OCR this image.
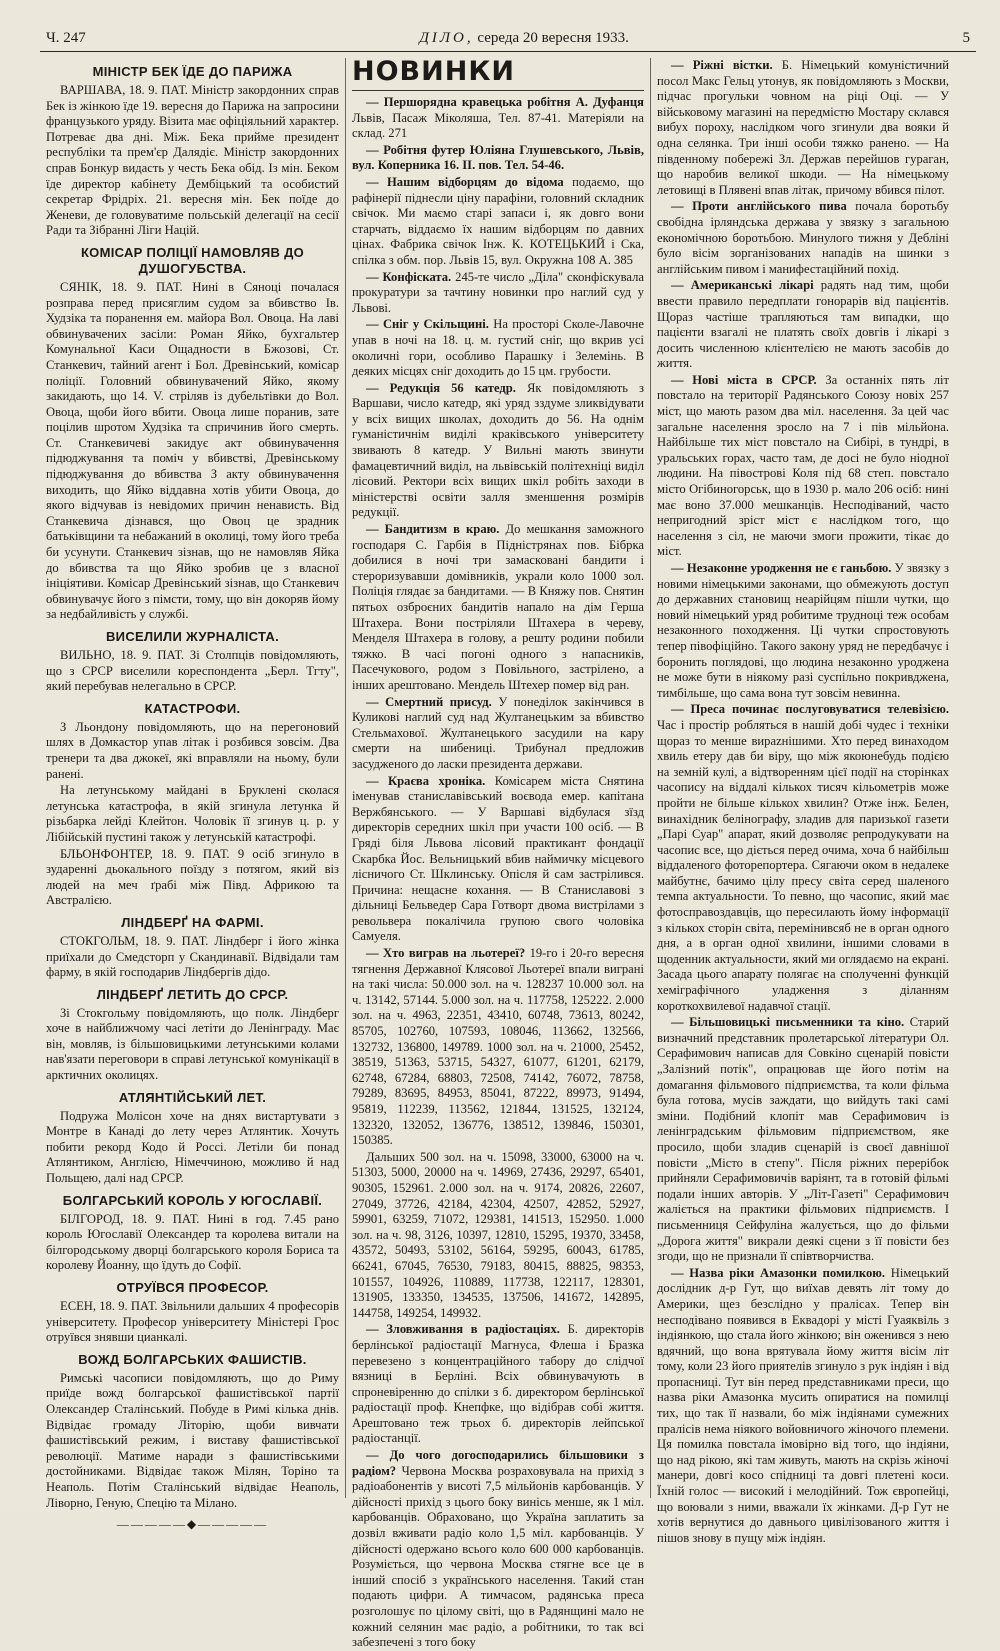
Ч. 247	ДІЛО, середа 20 вересня 1933.	5
МІНІСТР БЕК ЇДЕ ДО ПАРИЖА

ВАРШАВА, 18. 9. ПАТ. Міністр закордонних справ Бек із жінкою їде 19. вересня до Парижа на запросини французького уряду. Візита має офіціяльний характер. Потреває два дні. Між. Бека прийме президент республіки та прем'єр Далядіє. Міністр закордонних справ Бонкур видасть у честь Бека обід. Із мін. Беком їде директор кабінету Дембіцький та особистий секретар Фрідріх. 21. вересня мін. Бек поїде до Женеви, де головуватиме польській делегації на сесії Ради та Зібранні Ліги Націй.

КОМІСАР ПОЛІЦІЇ НАМОВЛЯВ ДО ДУШОГУБСТВА.

СЯНІК, 18. 9. ПАТ. Нині в Сяноці почалася розправа перед присяглим судом за вбивство Ів. Худзіка та поранення ем. майора Вол. Овоцa. На лаві обвинувачених засіли: Роман Яйко, бухгальтер Комунальної Каси Ощадности в Бжозові, Ст. Станкевич, тайний агент і Бол. Древінський, комісар поліції. Головний обвинувачений Яйко, якому закидають, що 14. V. стріляв із дубельтівки до Вол. Овоца, щоби його вбити. Овоца лише поранив, зате поцілив шротом Худзіка та спричинив його смерть. Ст. Станкевичеві закидує акт обвинувачення підюджування та поміч у вбивстві, Древінському підюджування до вбивства З акту обвинувачення виходить, що Яйко віддавна хотів убити Овоца, до якого відчував із невідомих причин ненависть. Від Станкевича дізнався, що Овоц це зрадник батьківщини та небажаний в околиці, тому його треба би усунути. Станкевич зізнав, що не намовляв Яйка до вбивства та що Яйко зробив це з власної ініціятиви. Комісар Древінський зізнав, що Станкевич обвинувачує його з пімсти, тому, що він докоряв йому за недбайливість у службі.

ВИСЕЛИЛИ ЖУРНАЛІСТА.

ВИЛЬНО, 18. 9. ПАТ. Зі Столпців повідомляють, що з СРСР виселили кореспондента „Берл. Тгту", який перебував нелегально в СРСР.

КАТАСТРОФИ.

З Льондону повідомляють, що на перегоновий шлях в Домкастор упав літак і розбився зовсім. Два тренери та два джокеї, які вправляли на ньому, були ранені.

На летунському майдані в Бруклені сколася летунська катастрофа, в якій згинула летунка й різьбарка лейді Клейтон. Чоловік її згинув ц. р. у Лібійській пустині також у летунській катастрофі.

БЛЬОНФОНТЕР, 18. 9. ПАТ. 9 осіб згинуло в зударенні дьокального поїзду з потягом, який віз людей на меч ґрабі між Півд. Африкою та Австралією.

ЛІНДБЕРҐ НА ФАРМІ.

СТОКГОЛЬМ, 18. 9. ПАТ. Ліндберг і його жінка приїхали до Смедсторп у Скандинавії. Відвідали там фарму, в якій господарив Ліндбергів дідо.

ЛІНДБЕРҐ ЛЕТИТЬ ДО СРСР.

Зі Стокгольму повідомляють, що полк. Ліндберг хоче в найближчому часі летіти до Ленінграду. Має він, мовляв, із більшовицькими летунськими колами нав'язати переговори в справі летунської комунікації в арктичних околицях.

АТЛЯНТІЙСЬКИЙ ЛЕТ.

Подружа Молісон хоче на днях вистартувати з Монтре в Канаді до лету через Атлянтик. Хочуть побити рекорд Кодо й Россі. Летіли би понад Атлянтиком, Англією, Німеччиною, можливо й над Польщею, далі над СРСР.

БОЛГАРСЬКИЙ КОРОЛЬ У ЮГОСЛАВІЇ.

БІЛГОРОД, 18. 9. ПАТ. Нині в год. 7.45 рано король Югославії Олександер та королева витали на білгородському дворці болгарського короля Бориса та королеву Йоанну, що їдуть до Софії.

ОТРУЇВСЯ ПРОФЕСОР.

ЕСЕН, 18. 9. ПАТ. Звільнили дальших 4 професорів університету. Професор університету Міністері Грос отруївся знявши цианкалі.

ВОЖД БОЛГАРСЬКИХ ФАШИСТІВ.

Римські часописи повідомляють, що до Риму приїде вожд болгарської фашистівської партії Олександер Сталінський. Побуде в Римі кілька днів. Відвідає громаду Літорію, щоби вивчати фашистівський режим, і виставу фашистівської революції. Матиме наради з фашистівськими достойниками. Відвідає також Мілян, Торіно та Неаполь. Потім Сталінський відвідає Неаполь, Ліворно, Геную, Спецію та Мілано.

—————◆—————
НОВИНКИ

— Першорядна кравецька робітня А. Дуфанця Львів, Пасаж Міколяша, Тел. 87-41. Матеріяли на склад. 271

— Робітня футер Юліяна Глушевського, Львів, вул. Коперника 16. ІІ. пов. Тел. 54-46.

— Нашим відборцям до відома подаємо, що рафінерії піднесли ціну парафіни, головний складник свічок. Ми маємо старі запаси і, як довго вони старчать, віддаємо їх нашим відборцям по давних цінах. Фабрика свічок Інж. К. КОТЕЦЬКИЙ і Ска, спілка з обм. пор. Львів 15, вул. Окружна 108 А. 385

— Конфіската. 245-те число „Діла" сконфіскувала прокуратури за тачтину новинки про наглий суд у Львові.

— Сніг у Скільщині. На просторі Сколе-Лавочне упав в ночі на 18. ц. м. густий сніг, що вкрив усі околичні гори, особливо Парашку і Зелемінь. В деяких місцях сніг доходить до 15 цм. грубости.

— Редукція 56 катедр. Як повідомляють з Варшави, число катедр, які уряд зздуме зликвідувати у всіх вищих школах, доходить до 56. На однім гуманістичнім виділі краківського університету звивають 8 катедр. У Вильні мають звинути фамацевтичний виділ, на львівській політехніці виділ лісовий. Ректори всіх вищих шкіл робіть заходи в міністерстві освіти залля зменшення розмірів редукції.

— Бандитизм в краю. До мешкання заможного господаря С. Гарбія в Підністрянах пов. Бібрка добилися в ночі три замасковані бандити і стероризувавши домівників, украли коло 1000 зол. Поліція глядає за бандитами. — В Княжу пов. Снятин пятьох озброєних бандитів напало на дім Герша Штахера. Вони постріляли Штахера в череву, Менделя Штахера в голову, а решту родини побили тяжко. В часі погоні одного з напасників, Пасечукового, родом з Повільного, застрілено, а інших арештовано. Мендель Штехер помер від ран.

— Смертний присуд. У понеділок закінчився в Куликові наглий суд над Жултанецьким за вбивство Стельмахової. Жултанецького засудили на кару смерти на шибениці. Трибунал предложив засудженого до ласки президента держави.

— Краєва хроніка. Комісарем міста Снятина іменував станиславівський воєвода емер. капітана Вержбянського. — У Варшаві відбулася зїзд директорів середних шкіл при участи 100 осіб. — В Гряді біля Львова лісовий практикант фондації Скарбка Йос. Вельницький вбив наймичку місцевого лісничого Ст. Шклинську. Опісля й сам застрілився. Причина: нещасне кохання. — В Станиславові з дільниці Бельведер Сара Готворт двома вистрілами з револьвера покалічила групою свого чоловіка Самуеля.

— Хто виграв на льотереї? 19-го і 20-го вересня тягнення Державної Клясової Льотереї впали виграні на такі числа: 50.000 зол. на ч. 128237 10.000 зол. на ч. 13142, 57144. 5.000 зол. на ч. 117758, 125222. 2.000 зол. на ч. 4963, 22351, 43410, 60748, 73613, 80242, 85705, 102760, 107593, 108046, 113662, 132566, 132732, 136800, 149789. 1000 зол. на ч. 21000, 25452, 38519, 51363, 53715, 54327, 61077, 61201, 62179, 62748, 67284, 68803, 72508, 74142, 76072, 78758, 79289, 83695, 84953, 85041, 87222, 89973, 91494, 95819, 112239, 113562, 121844, 131525, 132124, 132320, 132052, 136776, 138512, 139846, 150301, 150385.

Дальших 500 зол. на ч. 15098, 33000, 63000 на ч. 51303, 5000, 20000 на ч. 14969, 27436, 29297, 65401, 90305, 152961. 2.000 зол. на ч. 9174, 20826, 22607, 27049, 37726, 42184, 42304, 42507, 42852, 52927, 59901, 63259, 71072, 129381, 141513, 152950. 1.000 зол. на ч. 98, 3126, 10397, 12810, 15295, 19370, 33458, 43572, 50493, 53102, 56164, 59295, 60043, 61785, 66241, 67045, 76530, 79183, 80415, 88825, 98353, 101557, 104926, 110889, 117738, 122117, 128301, 131905, 133350, 134535, 137506, 141672, 142895, 144758, 149254, 149932.

— Зловживання в радіостаціях. Б. директорів берлінської радіостації Магнуса, Флеша і Бразка перевезено з концентраційного табору до слідчої вязниці в Берліні. Всіх обвинувачують в спроневіренню до спілки з б. директором берлінської радіостації проф. Кнепфке, що відібрав собі життя. Арештовано теж трьох б. директорів лейпської радіостанції.

— До чого догосподарились більшовики з радіом? Червона Москва розраховувала на прихід з радіоабонентів у висоті 7,5 мільйонів карбованців. У дійсності прихід з цього боку винісь менше, як 1 міл. карбованців. Обраховано, що Україна заплатить за дозвіл вживати радіо коло 1,5 міл. карбованців. У дійсності одержано всього коло 600 000 карбованців. Розуміється, що червона Москва стягне все це в інший спосіб з українського населення. Такий стан подають цифри. А тимчасом, радянська преса розголошує по цілому світі, що в Радянщині мало не кожний селянин має радіо, а робітники, то так всі забезпечені з того боку

— Ріжні вістки. Б. Німецький комуністичний посол Макс Гельц утонув, як повідомляють з Москви, підчас прогульки човном на ріці Оці. — У військовому магазині на передмістю Мостару склався вибух пороху, наслідком чого згинули два вояки й одна селянка. Три інші особи тяжко ранено. — На південному побережі Зл. Держав перейшов гураган, що наробив великої шкоди. — На німецькому летовищі в Плявені впав літак, причому вбився пілот.

— Проти англійського пива почала боротьбу свобідна ірляндська держава у звязку з загальною економічною боротьбою. Минулого тижня у Дебліні було вісім зорганізованих нападів на шинки з англійським пивом і манифестаційний похід.

— Американські лікарі радять над тим, щоби ввести правило передплати гонорарів від пацієнтів. Щораз частіше трапляються там випадки, що пацієнти взагалі не платять своїх довгів і лікарі з досить численною клієнтелією не мають засобів до життя.

— Нові міста в СРСР. За останніх пять літ повстало на території Радянського Союзу новіх 257 міст, що мають разом два міл. населення. За цей час загальне населення зросло на 7 і пів мільйона. Найбільше тих міст повстало на Сибірі, в тундрі, в уральських горах, часто там, де досі не було ніодної людини. На півострові Коля під 68 степ. повстало місто Огібиногорськ, що в 1930 р. мало 206 осіб: нині має воно 37.000 мешканців. Несподіваний, часто непригодний зріст міст є наслідком того, що населення з сіл, не маючи змоги прожити, тікає до міст.

— Незаконне уродження не є ганьбою. У звязку з новими німецькими законами, що обмежують доступ до державних становищ неарійцям пішли чутки, що новий німецький уряд робитиме трудноці теж особам незаконного походження. Ці чутки спростовують тепер півофіційно. Такого закону уряд не передбачує і боронить поглядові, що людина незаконно уроджена не може бути в ніякому разі суспільно покривджена, тимбільше, що сама вона тут зовсім невинна.

— Преса починає послуговуватися телевізією. Час і простір робляться в нашій добі чудес і техніки щораз то менше вирazнішими. Хто перед винаходом хвиль етеру дав би віру, що між якоюнебудь подією на земній кулі, а відтворенням цієї події на сторінках часопису на віддалі кількох тисяч кільометрів може пройти не більше кількох хвилин? Отже інж. Белен, винахідник белінографу, злaдив для паризької газети „Парі Суар" апарат, який дозволяє репродукувати на часопис все, що діється перед очима, хоча б найбільш віддаленого фоторепортера. Сягаючи оком в недалеке майбутнє, бачимо цілу пресу світа серед шаленого темпа актуальности. То певно, що часопис, який має фотосправоздавців, що пересилають йому інформації з кількох сторін світа, перемінивсяб не в орган одного дня, а в орган одної хвилини, іншими словами в щоденник актуальности, який ми оглядаємо на екрані. Засада цього апарату полягає на сполученні функцій хеміграфічного уладження з діланням короткохвилевої надавчої стації.

— Більшовицькі письменники та кіно. Старий визначний представник пролетарської літератури Ол. Серафимович написав для Совкіно сценарій повісти „Залізний потік", опрацював ще його потім на домагання фільмового підприємства, та коли фільма була готова, мусів заждати, що вийдуть такі самі зміни. Подібний клопіт мав Серафимович із ленінградським фільмовим підприємством, яке просило, щоби зладив сценарій із своєї давнішої повісти „Місто в степу". Після ріжних перерібок прийняли Серафимовичів варіянт, та в готовій фільмі подали інших авторів. У „Літ-Газеті" Серафимович жаліється на практики фільмових підприємств. І письменниця Сейфуліна жалується, що до фільми „Дорога життя" викрали деякі сцени з її повісти без згоди, що не признали її співтворчиства.

— Назва ріки Амазонки помилкою. Німецький дослідник д-р Гут, що виїхав девять літ тому до Америки, щез безслідно у пралісах. Тепер він несподівано появився в Еквадорі у місті Гуаяквіль з індіянкою, що стала його жінкою; він оженився з нею вдячний, що вона врятувала йому життя вісім літ тому, коли 23 його приятелів згинуло з рук індіян і від пропасниці. Тут він перед представниками преси, що назва ріки Амазонка мусить опиратися на помилці тих, що так її назвали, бо між індіянами сумежних пралісів нема ніякого войовничого жіночого племени. Ця помилка повстала імовірно від того, що індіяни, що над рікою, які там живуть, мають на скрізь жіночі манери, довгі косо спідниці та довгі плетені коси. Їхній голос — високий і мелодійний. Тож європейці, що воювали з ними, вважали їх жінками. Д-р Гут не хотів вернутися до давнього цивілізованого життя і пішов знову в пущу між індіян.
